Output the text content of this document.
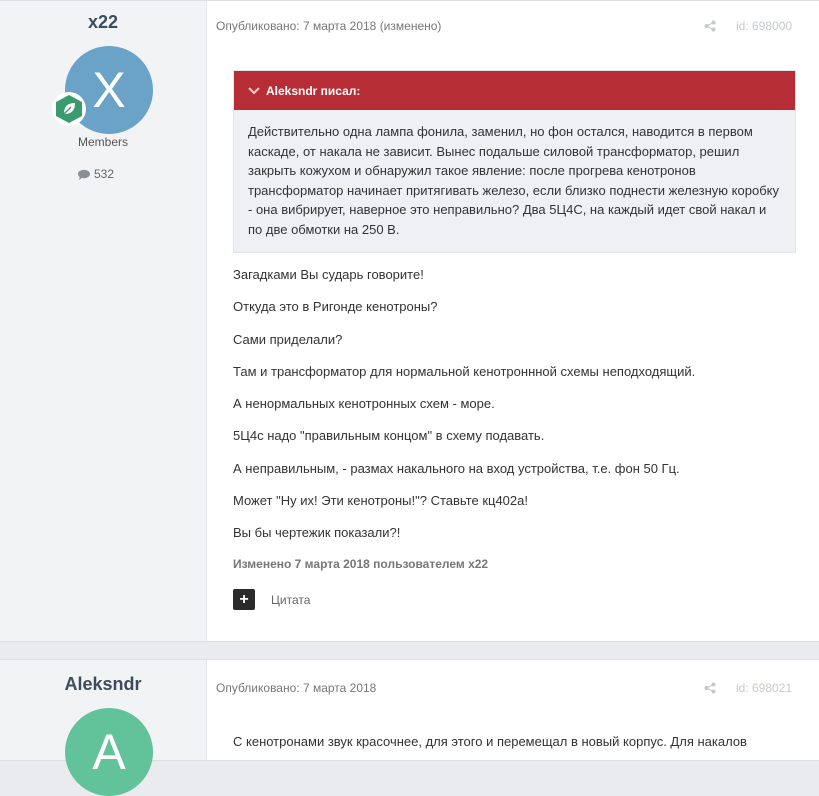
x22
X
Members
532
Опубликовано: 7 марта 2018 (изменено)	id: 698000
Aleksndr писал:
Действительно одна лампа фонила, заменил, но фон остался, наводится в первом каскаде, от накала не зависит. Вынес подальше силовой трансформатор, решил закрыть кожухом и обнаружил такое явление: после прогрева кенотронов трансформатор начинает притягивать железо, если близко поднести железную коробку - она вибрирует, наверное это неправильно? Два 5Ц4С, на каждый идет свой накал и по две обмотки на 250 В.

Загадками Вы сударь говорите!

Откуда это в Ригонде кенотроны?

Сами приделали?

Там и трансформатор для нормальной кенотроннной схемы неподходящий.

А ненормальных кенотронных схем - море.

5Ц4с надо "правильным концом" в схему подавать.

А неправильным, - размах накального на вход устройства, т.е. фон 50 Гц.

Может "Ну их! Эти кенотроны!"? Ставьте кц402а!

Вы бы чертежик показали?!

Изменено 7 марта 2018 пользователем x22
+	Цитата
Aleksndr
A
Опубликовано: 7 марта 2018	id: 698021
С кенотронами звук красочнее, для этого и перемещал в новый корпус. Для накалов
